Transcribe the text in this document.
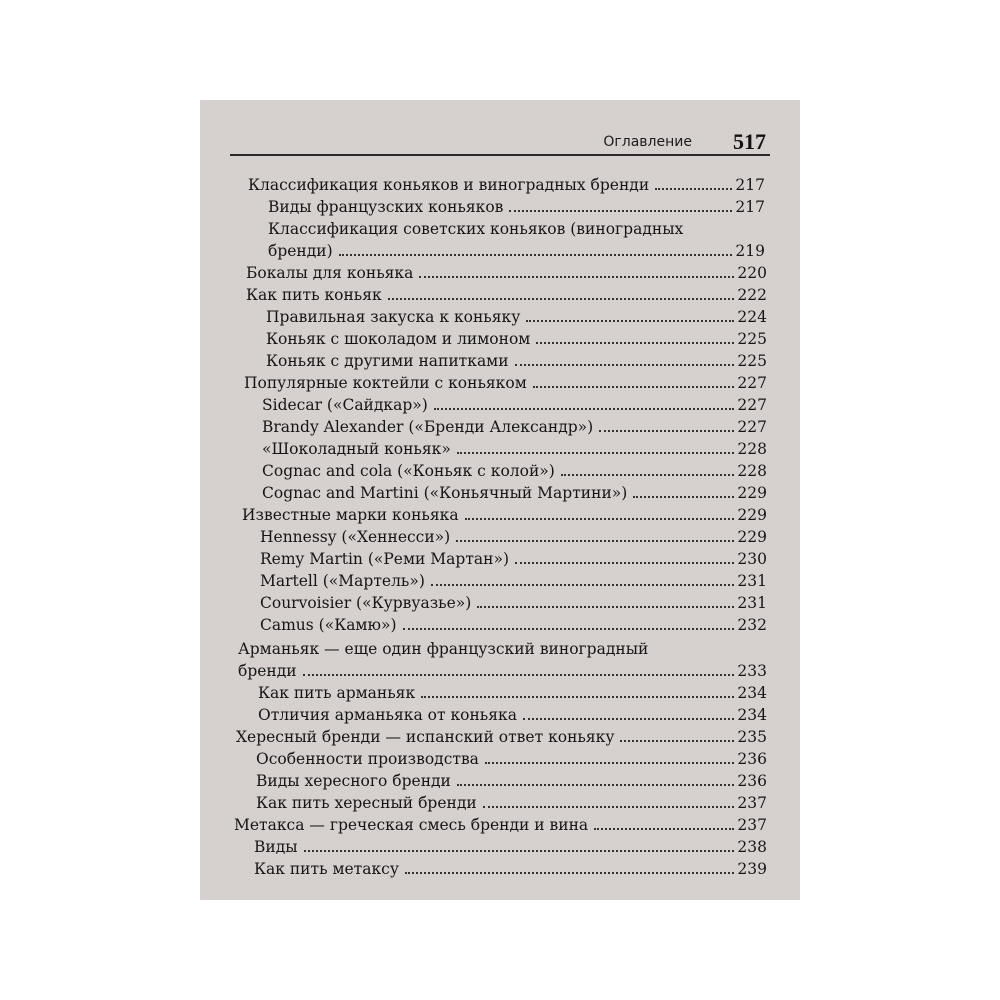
Оглавление 517
Классификация коньяков и виноградных бренди	217
Виды французских коньяков	217
Классификация советских коньяков (виноградных
бренди)	219
Бокалы для коньяка	220
Как пить коньяк	222
Правильная закуска к коньяку	224
Коньяк с шоколадом и лимоном	225
Коньяк с другими напитками	225
Популярные коктейли с коньяком	227
Sidecar («Сайдкар»)	227
Brandy Alexander («Бренди Александр»)	227
«Шоколадный коньяк»	228
Cognac and cola («Коньяк с колой»)	228
Cognac and Martini («Коньячный Мартини»)	229
Известные марки коньяка	229
Hennessy («Хеннесси»)	229
Remy Martin («Реми Мартан»)	230
Martell («Мартель»)	231
Courvoisier («Курвуазье»)	231
Camus («Камю»)	232
Арманьяк — еще один французский виноградный
бренди	233
Как пить арманьяк	234
Отличия арманьяка от коньяка	234
Хересный бренди — испанский ответ коньяку	235
Особенности производства	236
Виды хересного бренди	236
Как пить хересный бренди	237
Метакса — греческая смесь бренди и вина	237
Виды	238
Как пить метаксу	239
